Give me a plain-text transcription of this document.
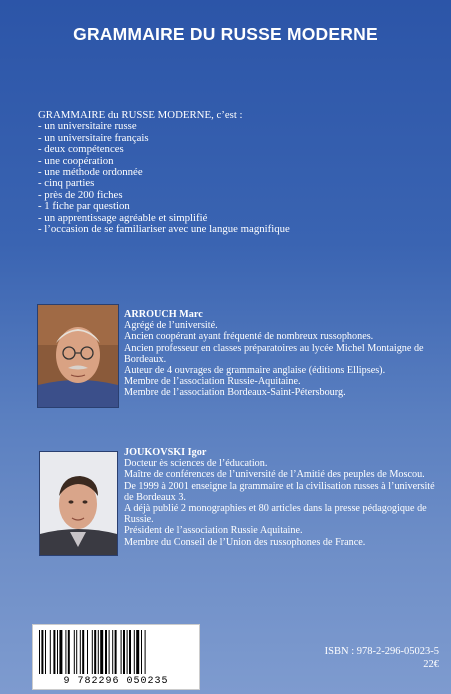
GRAMMAIRE DU RUSSE MODERNE
GRAMMAIRE du RUSSE MODERNE, c’est :
- un universitaire russe
- un universitaire français
- deux compétences
- une coopération
- une méthode ordonnée
- cinq parties
- près de 200 fiches
- 1 fiche par question
- un apprentissage agréable et simplifié
- l’occasion de se familiariser avec une langue magnifique
ARROUCH Marc
Agrégé de l’université.
Ancien coopérant ayant fréquenté de nombreux russophones.
Ancien professeur en classes préparatoires au lycée Michel Montaigne de Bordeaux.
Auteur de 4 ouvrages de grammaire anglaise (éditions Ellipses).
Membre de l’association Russie-Aquitaine.
Membre de l’association Bordeaux-Saint-Pétersbourg.
JOUKOVSKI Igor
Docteur ès sciences de l’éducation.
Maître de conférences de l’université de l’Amitié des peuples de Moscou.
De 1999 à 2001 enseigne la grammaire et la civilisation russes à l’université de Bordeaux 3.
A déjà publié 2 monographies et 80 articles dans la presse pédagogique de Russie.
Président de l’association Russie Aquitaine.
Membre du Conseil de l’Union des russophones de France.
9 782296 050235
ISBN : 978-2-296-05023-5
22€
